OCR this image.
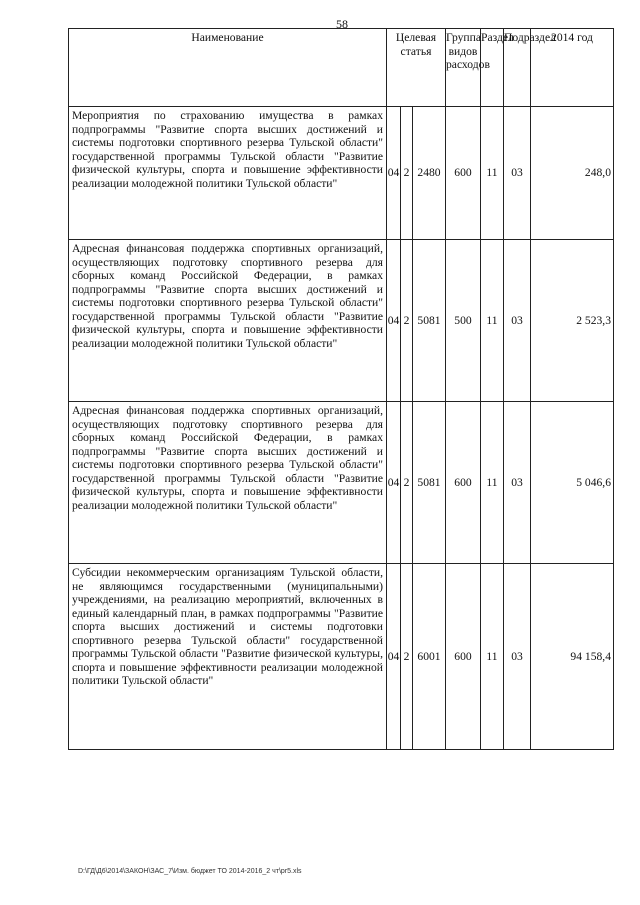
58
Наименование	Целевая статья			Группа видов расходов	Раздел	Подраздел	2014 год
Мероприятия по страхованию имущества в рамках подпрограммы "Развитие спорта высших достижений и системы подготовки спортивного резерва Тульской области" государственной программы Тульской области "Развитие физической культуры, спорта и повышение эффективности реализации молодежной политики Тульской области"	04	2	2480	600	11	03	248,0
Адресная финансовая поддержка спортивных организаций, осуществляющих подготовку спортивного резерва для сборных команд Российской Федерации, в рамках подпрограммы "Развитие спорта высших достижений и системы подготовки спортивного резерва Тульской области" государственной программы Тульской области "Развитие физической культуры, спорта и повышение эффективности реализации молодежной политики Тульской области"	04	2	5081	500	11	03	2 523,3
Адресная финансовая поддержка спортивных организаций, осуществляющих подготовку спортивного резерва для сборных команд Российской Федерации, в рамках подпрограммы "Развитие спорта высших достижений и системы подготовки спортивного резерва Тульской области" государственной программы Тульской области "Развитие физической культуры, спорта и повышение эффективности реализации молодежной политики Тульской области"	04	2	5081	600	11	03	5 046,6
Субсидии некоммерческим организациям Тульской области, не являющимся государственными (муниципальными) учреждениями, на реализацию мероприятий, включенных в единый календарный план, в рамках подпрограммы "Развитие спорта высших достижений и системы подготовки спортивного резерва Тульской области" государственной программы Тульской области "Развитие физической культуры, спорта и повышение эффективности реализации молодежной политики Тульской области"	04	2	6001	600	11	03	94 158,4
D:\ГД\Д6\2014\ЗАКОН\ЗАС_7\Изм. бюджет ТО 2014-2016_2 чт\pr5.xls
